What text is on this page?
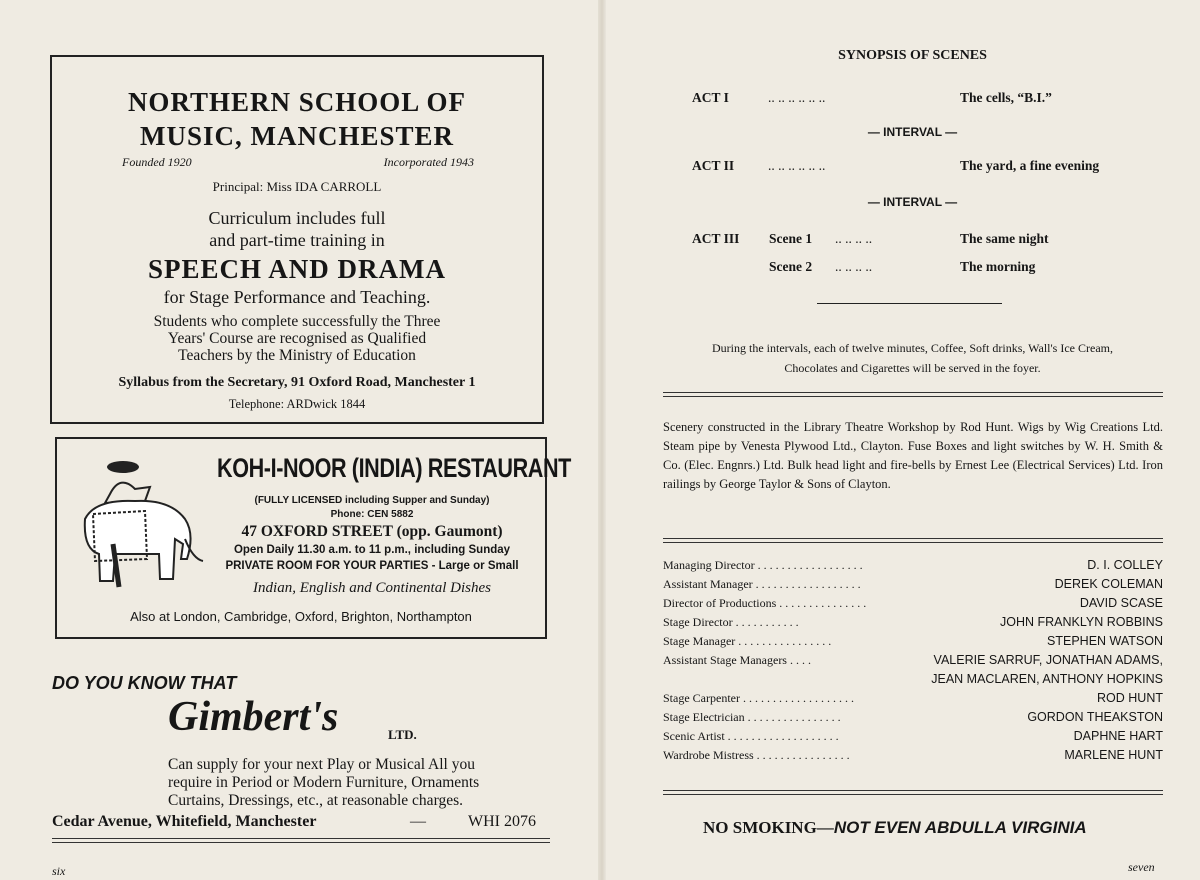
NORTHERN SCHOOL OF
MUSIC, MANCHESTER
Founded 1920	Incorporated 1943
Principal: Miss IDA CARROLL
Curriculum includes full
and part-time training in
SPEECH AND DRAMA
for Stage Performance and Teaching.
Students who complete successfully the Three
Years' Course are recognised as Qualified
Teachers by the Ministry of Education
Syllabus from the Secretary, 91 Oxford Road, Manchester 1
Telephone: ARDwick 1844
KOH-I-NOOR (INDIA) RESTAURANT
(FULLY LICENSED including Supper and Sunday)
Phone: CEN 5882
47 OXFORD STREET (opp. Gaumont)
Open Daily 11.30 a.m. to 11 p.m., including Sunday
PRIVATE ROOM FOR YOUR PARTIES - Large or Small
Indian, English and Continental Dishes
Also at London, Cambridge, Oxford, Brighton, Northampton
DO YOU KNOW THAT
Gimbert's	LTD.
Can supply for your next Play or Musical All you
require in Period or Modern Furniture, Ornaments
Curtains, Dressings, etc., at reasonable charges.
Cedar Avenue, Whitefield, Manchester	—	WHI 2076
six
SYNOPSIS OF SCENES
ACT I	.. .. .. .. .. ..	The cells, “B.I.”
— INTERVAL —
ACT II	.. .. .. .. .. ..	The yard, a fine evening
— INTERVAL —
ACT III Scene 1 .. .. .. ..	The same night
Scene 2 .. .. .. ..	The morning
During the intervals, each of twelve minutes, Coffee, Soft drinks, Wall's Ice Cream,
Chocolates and Cigarettes will be served in the foyer.
Scenery constructed in the Library Theatre Workshop by Rod Hunt. Wigs by Wig Creations Ltd. Steam pipe by Venesta Plywood Ltd., Clayton. Fuse Boxes and light switches by W. H. Smith & Co. (Elec. Engnrs.) Ltd. Bulk head light and fire-bells by Ernest Lee (Electrical Services) Ltd. Iron railings by George Taylor & Sons of Clayton.
Managing Director . . . . . . . . . . . . . . . . . .	D. I. COLLEY
Assistant Manager . . . . . . . . . . . . . . . . . .	DEREK COLEMAN
Director of Productions . . . . . . . . . . . . . . .	DAVID SCASE
Stage Director . . . . . . . . . . .	JOHN FRANKLYN ROBBINS
Stage Manager . . . . . . . . . . . . . . . .	STEPHEN WATSON
Assistant Stage Managers . . . .	VALERIE SARRUF, JONATHAN ADAMS,
JEAN MACLAREN, ANTHONY HOPKINS
Stage Carpenter . . . . . . . . . . . . . . . . . . .	ROD HUNT
Stage Electrician . . . . . . . . . . . . . . . .	GORDON THEAKSTON
Scenic Artist . . . . . . . . . . . . . . . . . . .	DAPHNE HART
Wardrobe Mistress . . . . . . . . . . . . . . . .	MARLENE HUNT
NO SMOKING—NOT EVEN ABDULLA VIRGINIA
seven
